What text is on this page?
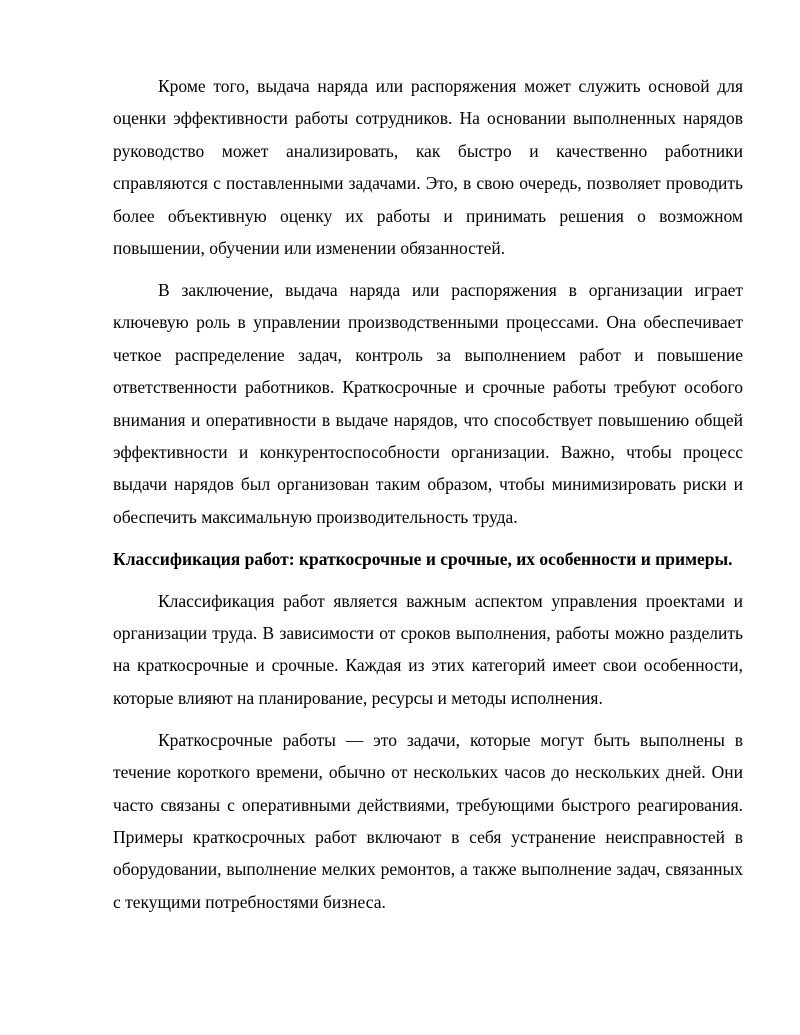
Кроме того, выдача наряда или распоряжения может служить основой для оценки эффективности работы сотрудников. На основании выполненных нарядов руководство может анализировать, как быстро и качественно работники справляются с поставленными задачами. Это, в свою очередь, позволяет проводить более объективную оценку их работы и принимать решения о возможном повышении, обучении или изменении обязанностей.

В заключение, выдача наряда или распоряжения в организации играет ключевую роль в управлении производственными процессами. Она обеспечивает четкое распределение задач, контроль за выполнением работ и повышение ответственности работников. Краткосрочные и срочные работы требуют особого внимания и оперативности в выдаче нарядов, что способствует повышению общей эффективности и конкурентоспособности организации. Важно, чтобы процесс выдачи нарядов был организован таким образом, чтобы минимизировать риски и обеспечить максимальную производительность труда.

Классификация работ: краткосрочные и срочные, их особенности и примеры.

Классификация работ является важным аспектом управления проектами и организации труда. В зависимости от сроков выполнения, работы можно разделить на краткосрочные и срочные. Каждая из этих категорий имеет свои особенности, которые влияют на планирование, ресурсы и методы исполнения.

Краткосрочные работы — это задачи, которые могут быть выполнены в течение короткого времени, обычно от нескольких часов до нескольких дней. Они часто связаны с оперативными действиями, требующими быстрого реагирования. Примеры краткосрочных работ включают в себя устранение неисправностей в оборудовании, выполнение мелких ремонтов, а также выполнение задач, связанных с текущими потребностями бизнеса.
